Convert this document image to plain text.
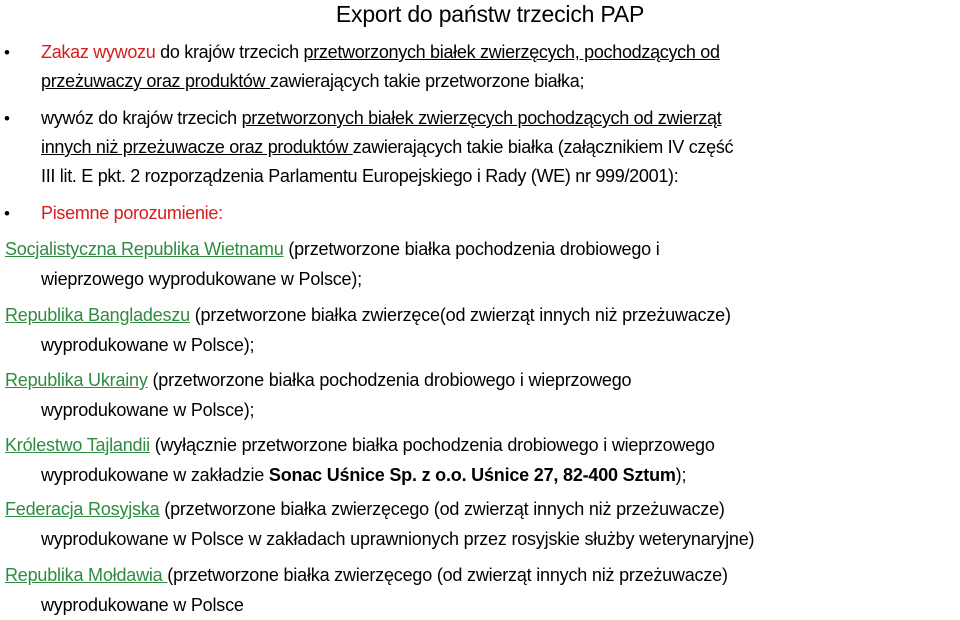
Export do państw trzecich PAP
• Zakaz wywozu do krajów trzecich przetworzonych białek zwierzęcych, pochodzących od
przeżuwaczy oraz produktów zawierających takie przetworzone białka;
• wywóz do krajów trzecich przetworzonych białek zwierzęcych pochodzących od zwierząt
innych niż przeżuwacze oraz produktów zawierających takie białka (załącznikiem IV część
III lit. E pkt. 2 rozporządzenia Parlamentu Europejskiego i Rady (WE) nr 999/2001):
• Pisemne porozumienie:
Socjalistyczna Republika Wietnamu (przetworzone białka pochodzenia drobiowego i
wieprzowego wyprodukowane w Polsce);
Republika Bangladeszu (przetworzone białka zwierzęce(od zwierząt innych niż przeżuwacze)
wyprodukowane w Polsce);
Republika Ukrainy (przetworzone białka pochodzenia drobiowego i wieprzowego
wyprodukowane w Polsce);
Królestwo Tajlandii (wyłącznie przetworzone białka pochodzenia drobiowego i wieprzowego
wyprodukowane w zakładzie Sonac Uśnice Sp. z o.o. Uśnice 27, 82-400 Sztum);
Federacja Rosyjska (przetworzone białka zwierzęcego (od zwierząt innych niż przeżuwacze)
wyprodukowane w Polsce w zakładach uprawnionych przez rosyjskie służby weterynaryjne)
Republika Mołdawia (przetworzone białka zwierzęcego (od zwierząt innych niż przeżuwacze)
wyprodukowane w Polsce
